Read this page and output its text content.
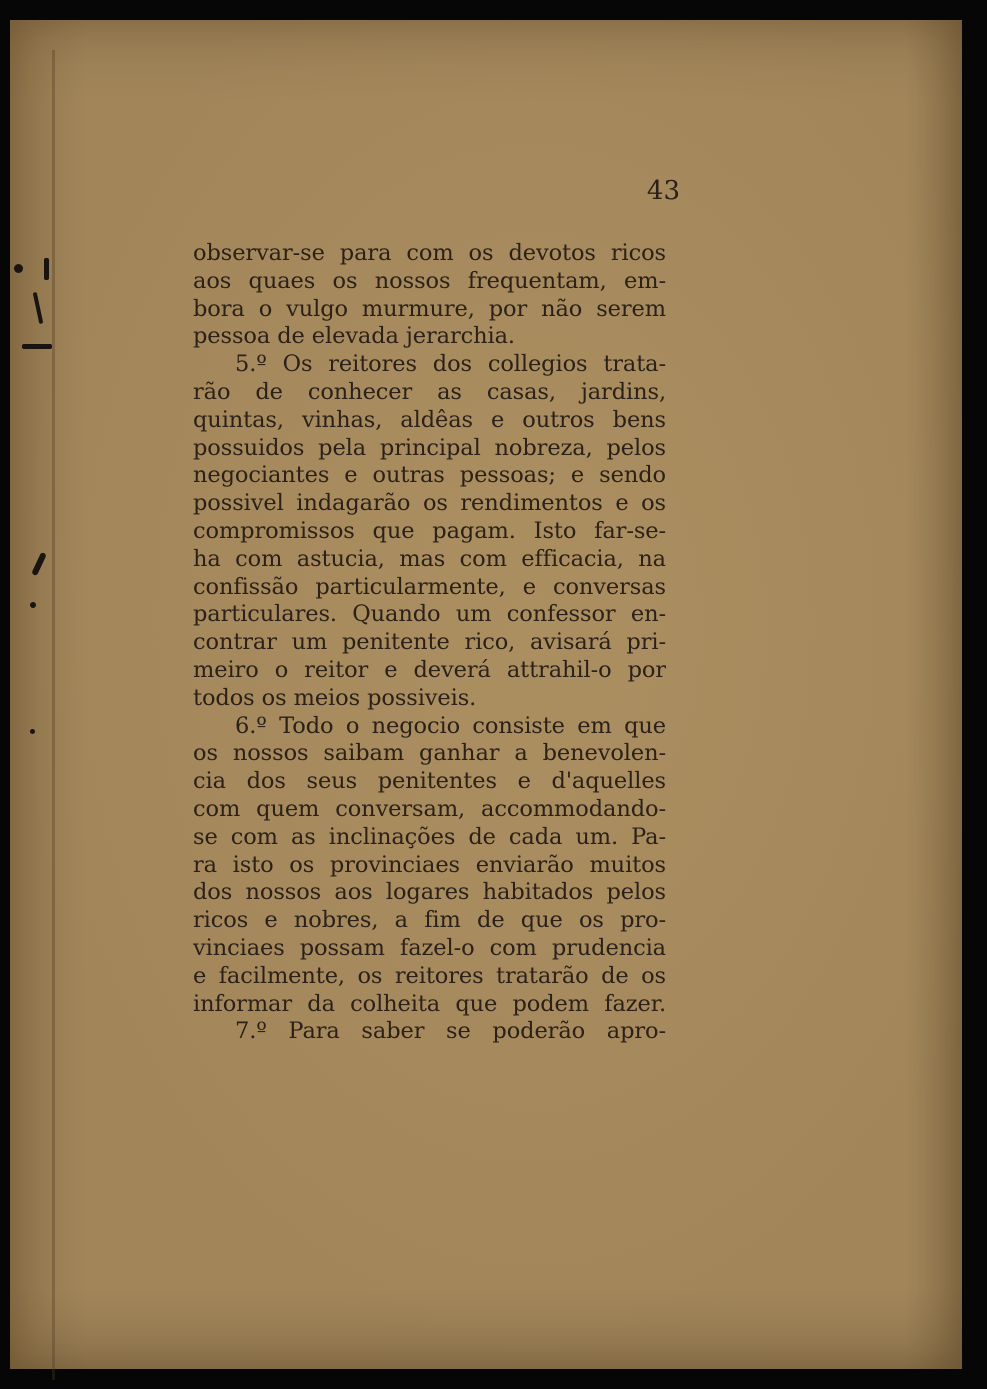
43

observar-se para com os devotos ricos
aos quaes os nossos frequentam, em-
bora o vulgo murmure, por não serem
pessoa de elevada jerarchia.
5.º Os reitores dos collegios trata-
rão de conhecer as casas, jardins,
quintas, vinhas, aldêas e outros bens
possuidos pela principal nobreza, pelos
negociantes e outras pessoas; e sendo
possivel indagarão os rendimentos e os
compromissos que pagam. Isto far-se-
ha com astucia, mas com efficacia, na
confissão particularmente, e conversas
particulares. Quando um confessor en-
contrar um penitente rico, avisará pri-
meiro o reitor e deverá attrahil-o por
todos os meios possiveis.
6.º Todo o negocio consiste em que
os nossos saibam ganhar a benevolen-
cia dos seus penitentes e d'aquelles
com quem conversam, accommodando-
se com as inclinações de cada um. Pa-
ra isto os provinciaes enviarão muitos
dos nossos aos logares habitados pelos
ricos e nobres, a fim de que os pro-
vinciaes possam fazel-o com prudencia
e facilmente, os reitores tratarão de os
informar da colheita que podem fazer.
7.º Para saber se poderão apro-
